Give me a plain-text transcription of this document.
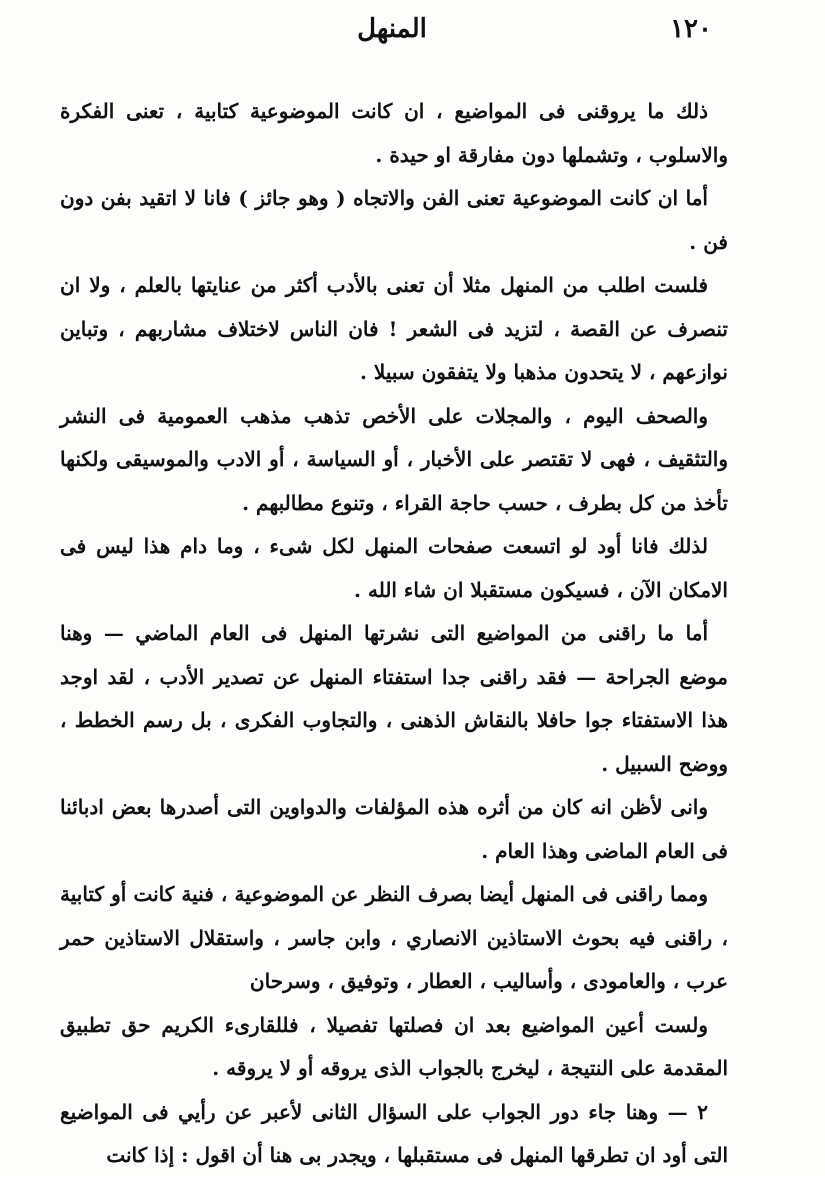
١٢٠
المنهل

ذلك ما يروقنى فى المواضيع ، ان كانت الموضوعية كتابية ، تعنى الفكرة والاسلوب ، وتشملها دون مفارقة او حيدة .

أما ان كانت الموضوعية تعنى الفن والاتجاه ( وهو جائز ) فانا لا اتقيد بفن دون فن .

فلست اطلب من المنهل مثلا أن تعنى بالأدب أكثر من عنايتها بالعلم ، ولا ان تنصرف عن القصة ، لتزيد فى الشعر ! فان الناس لاختلاف مشاربهم ، وتباين نوازعهم ، لا يتحدون مذهبا ولا يتفقون سبيلا .

والصحف اليوم ، والمجلات على الأخص تذهب مذهب العمومية فى النشر والتثقيف ، فهى لا تقتصر على الأخبار ، أو السياسة ، أو الادب والموسيقى ولكنها تأخذ من كل بطرف ، حسب حاجة القراء ، وتنوع مطالبهم .

لذلك فانا أود لو اتسعت صفحات المنهل لكل شىء ، وما دام هذا ليس فى الامكان الآن ، فسيكون مستقبلا ان شاء الله .

أما ما راقنى من المواضيع التى نشرتها المنهل فى العام الماضي — وهنا موضع الجراحة — فقد راقنى جدا استفتاء المنهل عن تصدير الأدب ، لقد اوجد هذا الاستفتاء جوا حافلا بالنقاش الذهنى ، والتجاوب الفكرى ، بل رسم الخطط ، ووضح السبيل .

وانى لأظن انه كان من أثره هذه المؤلفات والدواوين التى أصدرها بعض ادبائنا فى العام الماضى وهذا العام .

ومما راقنى فى المنهل أيضا بصرف النظر عن الموضوعية ، فنية كانت أو كتابية ، راقنى فيه بحوث الاستاذين الانصاري ، وابن جاسر ، واستقلال الاستاذين حمر عرب ، والعامودى ، وأساليب ، العطار ، وتوفيق ، وسرحان

ولست أعين المواضيع بعد ان فصلتها تفصيلا ، فللقارىء الكريم حق تطبيق المقدمة على النتيجة ، ليخرج بالجواب الذى يروقه أو لا يروقه .

٢ — وهنا جاء دور الجواب على السؤال الثانى لأعبر عن رأيي فى المواضيع التى أود ان تطرقها المنهل فى مستقبلها ، ويجدر بى هنا أن اقول : إذا كانت
